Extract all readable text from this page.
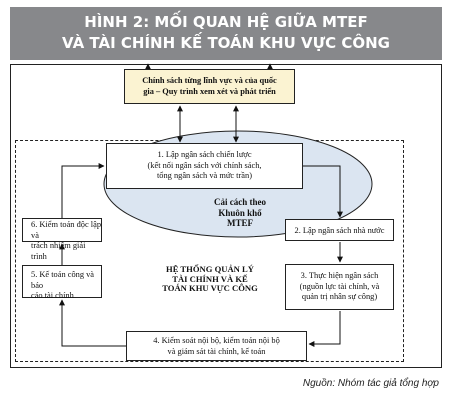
HÌNH 2: MỐI QUAN HỆ GIỮA MTEF
VÀ TÀI CHÍNH KẾ TOÁN KHU VỰC CÔNG
Chính sách từng lĩnh vực và của quốc
gia – Quy trình xem xét và phát triển
1. Lập ngân sách chiến lược
(kết nối ngân sách với chính sách,
tổng ngân sách và mức trần)
Cải cách theo
Khuôn khổ
MTEF
2. Lập ngân sách nhà nước
3. Thực hiện ngân sách
(nguồn lực tài chính, và
quản trị nhân sự công)
4. Kiểm soát nội bộ, kiểm toán nội bộ
và giám sát tài chính, kế toán
5. Kế toán công và báo
cáo tài chính
6. Kiểm toán độc lập và
trách nhiệm giải trình
HỆ THỐNG QUẢN LÝ
TÀI CHÍNH VÀ KẾ
TOÁN KHU VỰC CÔNG
Nguồn: Nhóm tác giả tổng hợp
